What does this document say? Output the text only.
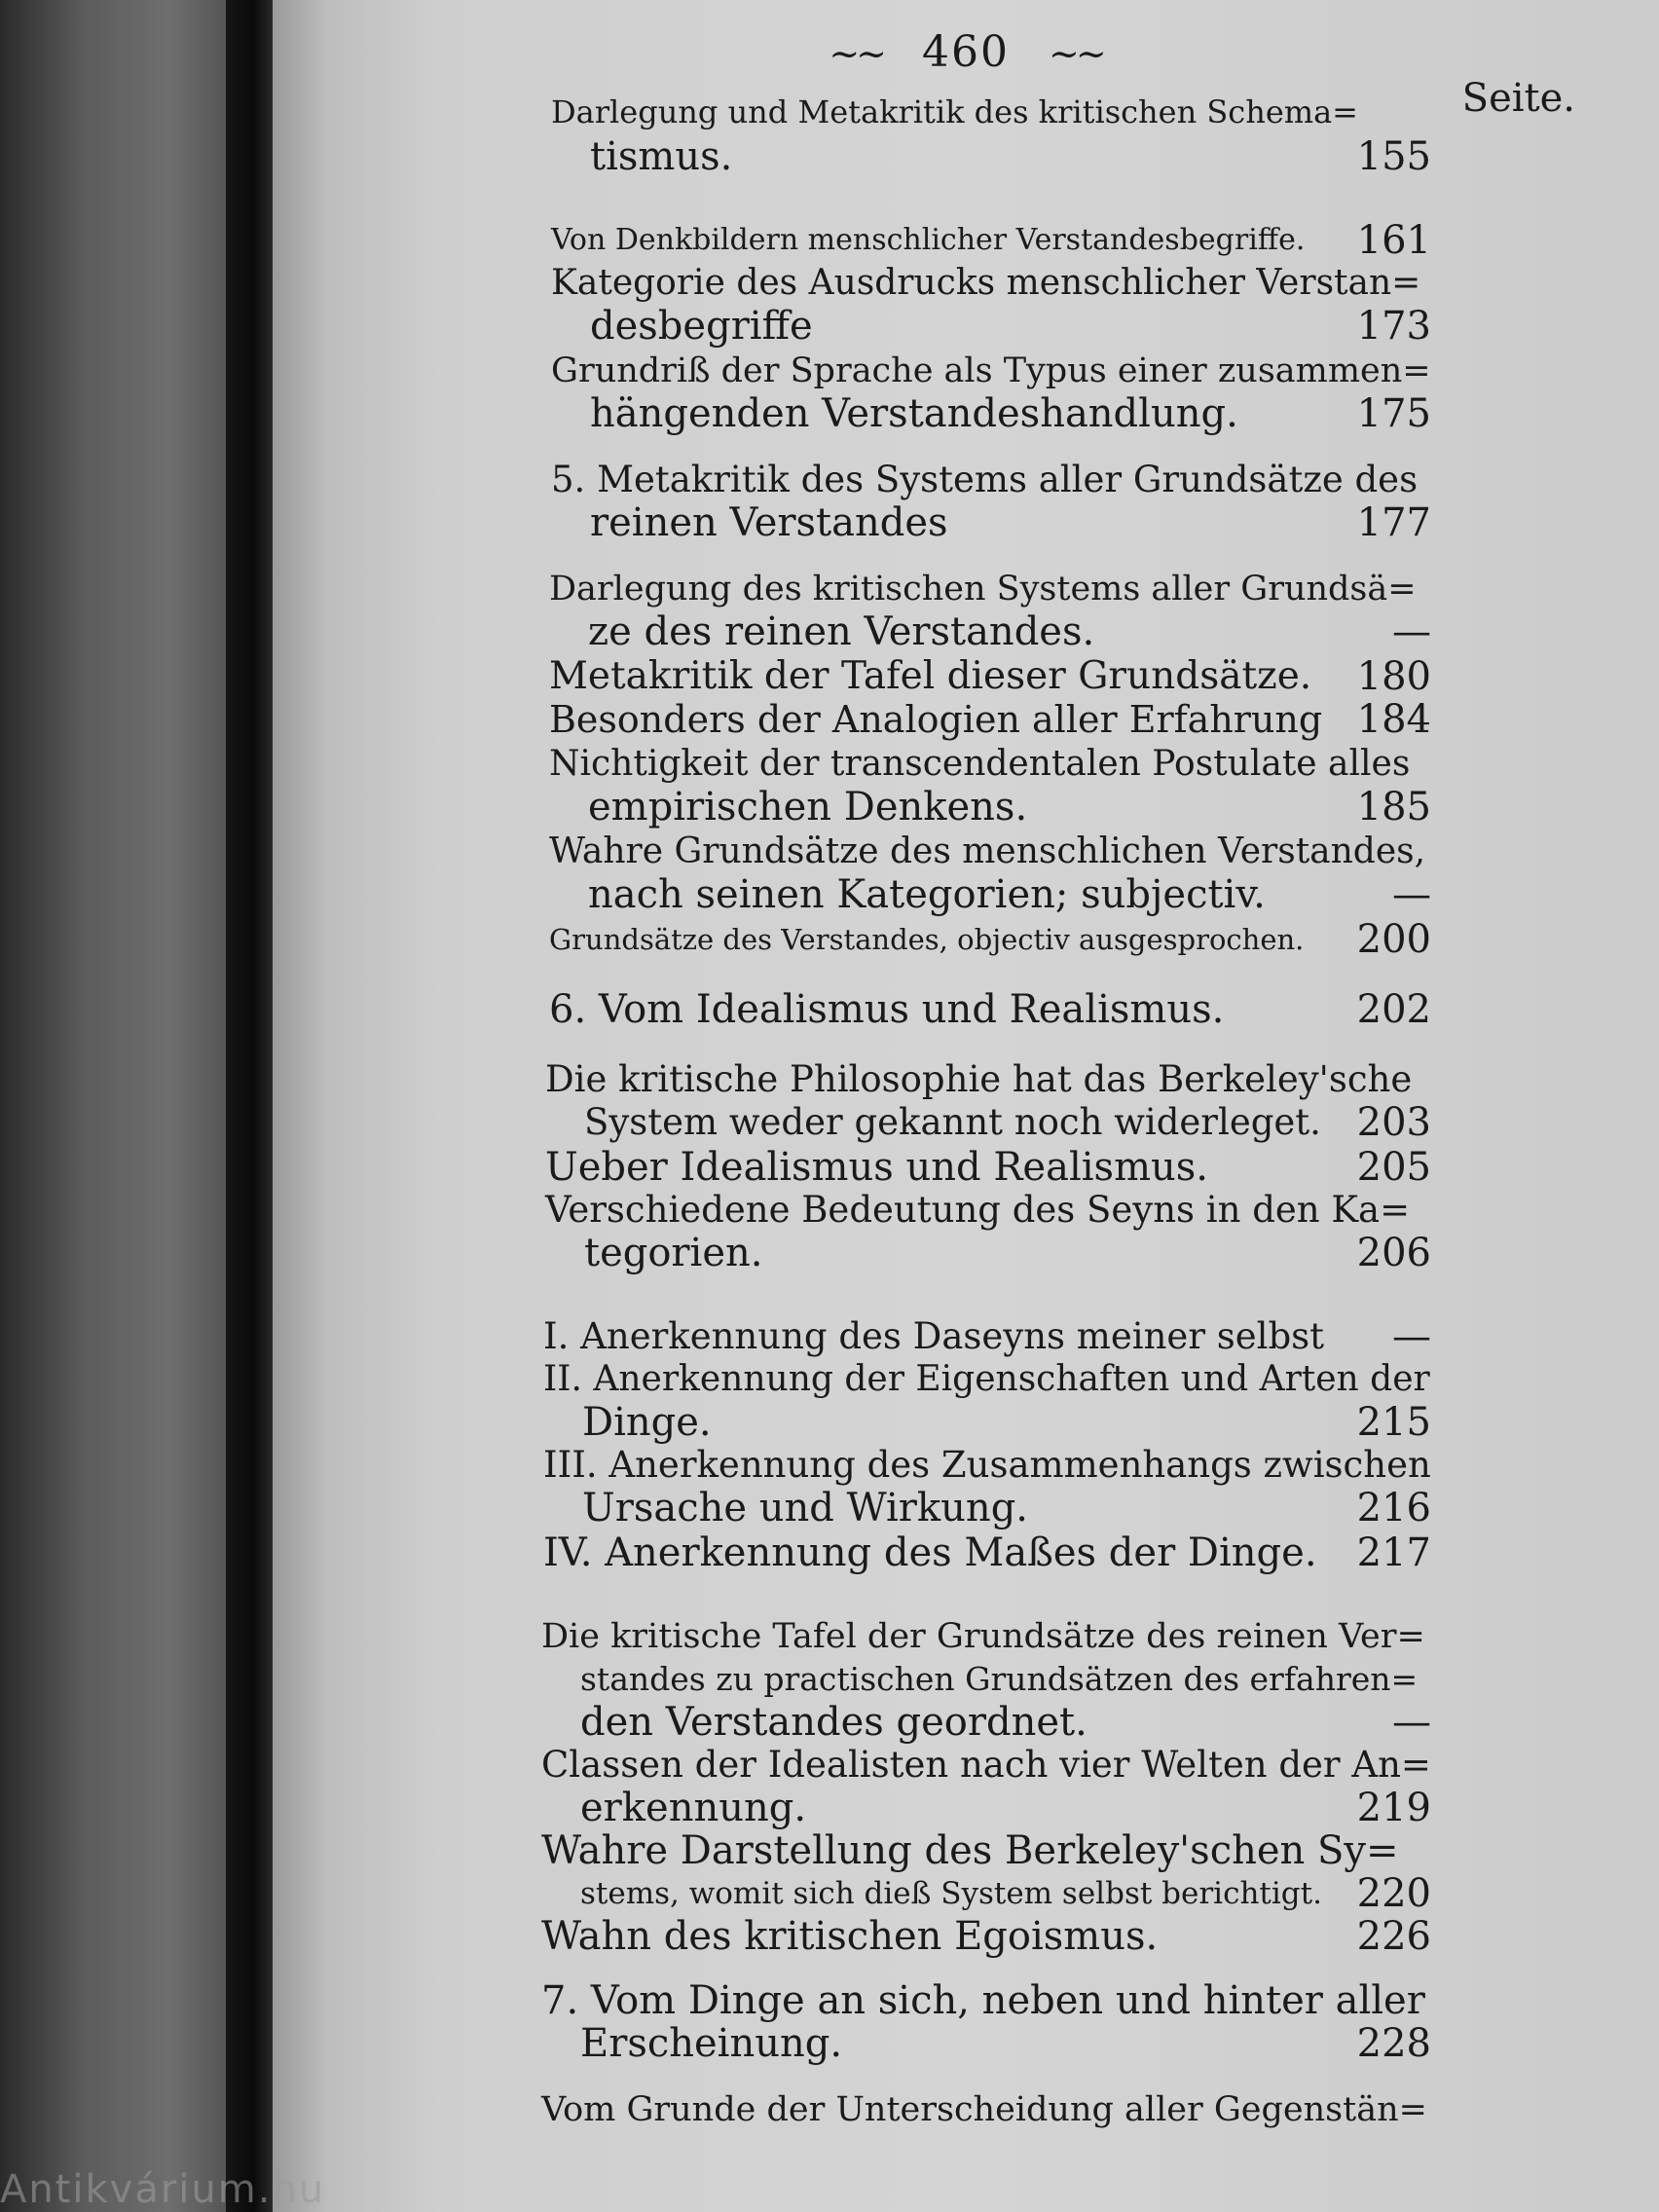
~~ 460 ~~
Seite.
Darlegung und Metakritik des kritischen Schema=
tismus.	155
Von Denkbildern menschlicher Verstandesbegriffe. 161
Kategorie des Ausdrucks menschlicher Verstan=
desbegriffe	173
Grundriß der Sprache als Typus einer zusammen=
hängenden Verstandeshandlung.	175
5. Metakritik des Systems aller Grundsätze des
reinen Verstandes	177
Darlegung des kritischen Systems aller Grundsä=
ze des reinen Verstandes.	—
Metakritik der Tafel dieser Grundsätze. 180
Besonders der Analogien aller Erfahrung 184
Nichtigkeit der transcendentalen Postulate alles
empirischen Denkens.	185
Wahre Grundsätze des menschlichen Verstandes,
nach seinen Kategorien; subjectiv.	—
Grundsätze des Verstandes, objectiv ausgesprochen. 200
6. Vom Idealismus und Realismus.	202
Die kritische Philosophie hat das Berkeley'sche
System weder gekannt noch widerleget. 203
Ueber Idealismus und Realismus.	205
Verschiedene Bedeutung des Seyns in den Ka=
tegorien.	206
I. Anerkennung des Daseyns meiner selbst —
II. Anerkennung der Eigenschaften und Arten der
Dinge.	215
III. Anerkennung des Zusammenhangs zwischen
Ursache und Wirkung.	216
IV. Anerkennung des Maßes der Dinge. 217
Die kritische Tafel der Grundsätze des reinen Ver=
standes zu practischen Grundsätzen des erfahren=
den Verstandes geordnet.	—
Classen der Idealisten nach vier Welten der An=
erkennung.	219
Wahre Darstellung des Berkeley'schen Sy=
stems, womit sich dieß System selbst berichtigt. 220
Wahn des kritischen Egoismus.	226
7. Vom Dinge an sich, neben und hinter aller
Erscheinung.	228
Vom Grunde der Unterscheidung aller Gegenstän=
Antikvárium.hu
